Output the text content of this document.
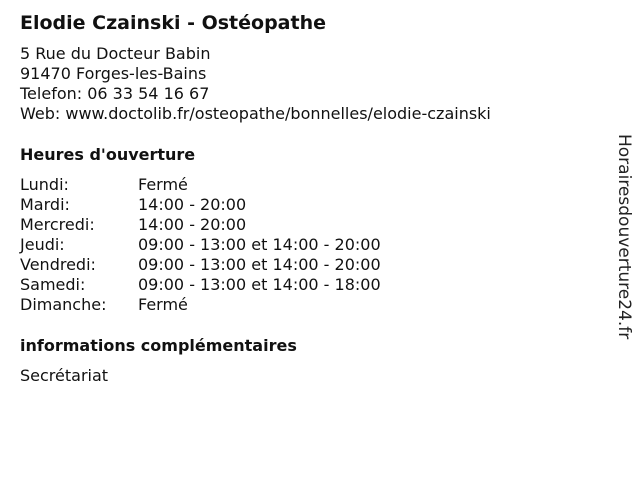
Elodie Czainski - Ostéopathe
5 Rue du Docteur Babin
91470 Forges-les-Bains
Telefon: 06 33 54 16 67
Web: www.doctolib.fr/osteopathe/bonnelles/elodie-czainski
Heures d'ouverture
Lundi:	Fermé
Mardi:	14:00 - 20:00
Mercredi:	14:00 - 20:00
Jeudi:	09:00 - 13:00 et 14:00 - 20:00
Vendredi:	09:00 - 13:00 et 14:00 - 20:00
Samedi:	09:00 - 13:00 et 14:00 - 18:00
Dimanche:	Fermé
informations complémentaires
Secrétariat
Horairesdouverture24.fr
